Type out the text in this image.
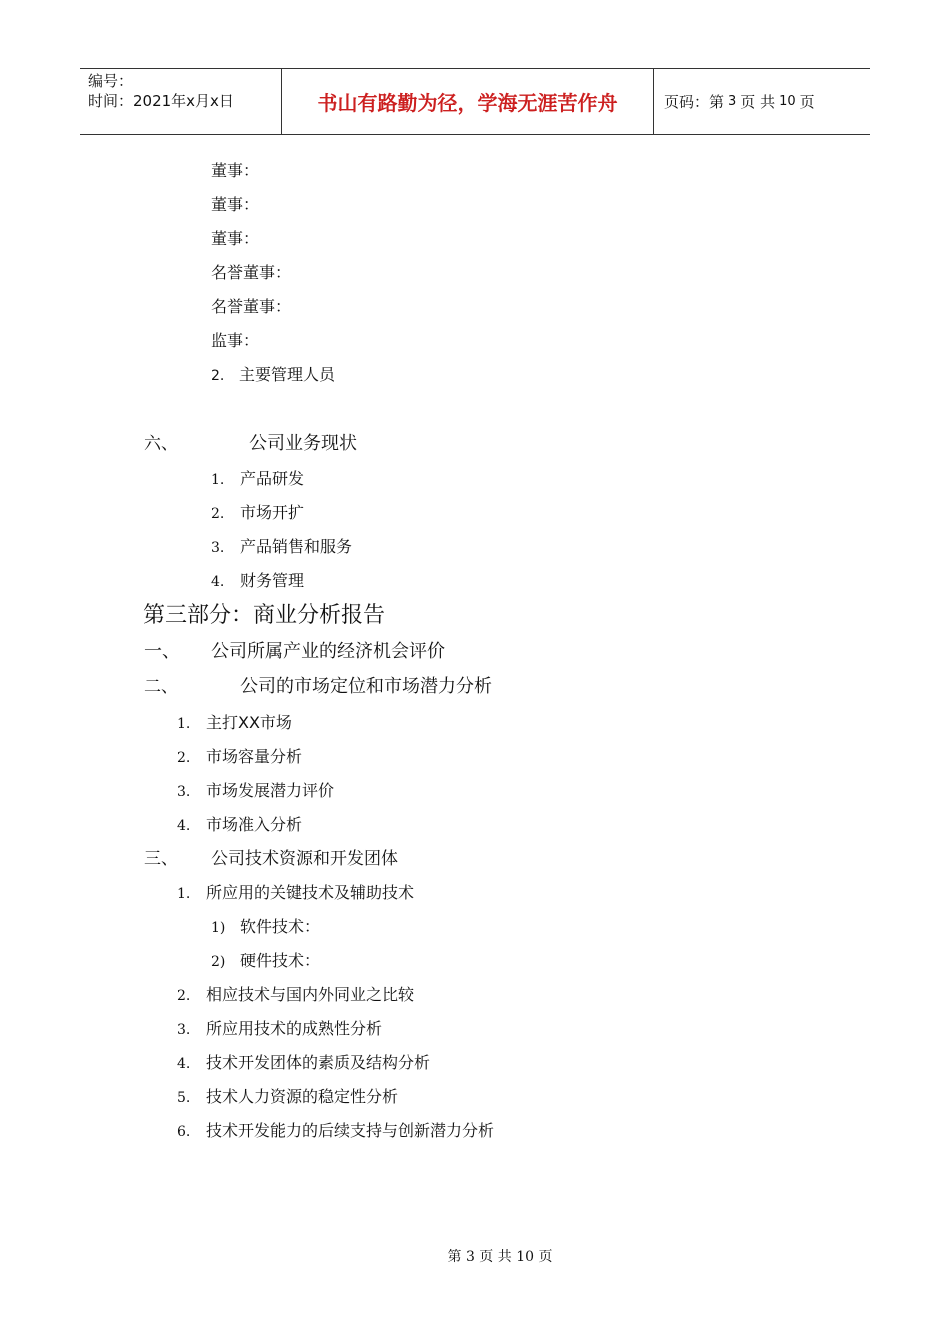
编号：
时间：2021年x月x日	书山有路勤为径，学海无涯苦作舟	页码：第 3 页 共 10 页
董事：
董事：
董事：
名誉董事：
名誉董事：
监事：
2. 主要管理人员
六、	公司业务现状
1. 产品研发
2. 市场开扩
3. 产品销售和服务
4. 财务管理
第三部分：商业分析报告
一、 公司所属产业的经济机会评价
二、	公司的市场定位和市场潜力分析
1. 主打XX市场
2. 市场容量分析
3. 市场发展潜力评价
4. 市场准入分析
三、 公司技术资源和开发团体
1. 所应用的关键技术及辅助技术
1) 软件技术：
2) 硬件技术：
2. 相应技术与国内外同业之比较
3. 所应用技术的成熟性分析
4. 技术开发团体的素质及结构分析
5. 技术人力资源的稳定性分析
6. 技术开发能力的后续支持与创新潜力分析
第 3 页 共 10 页
